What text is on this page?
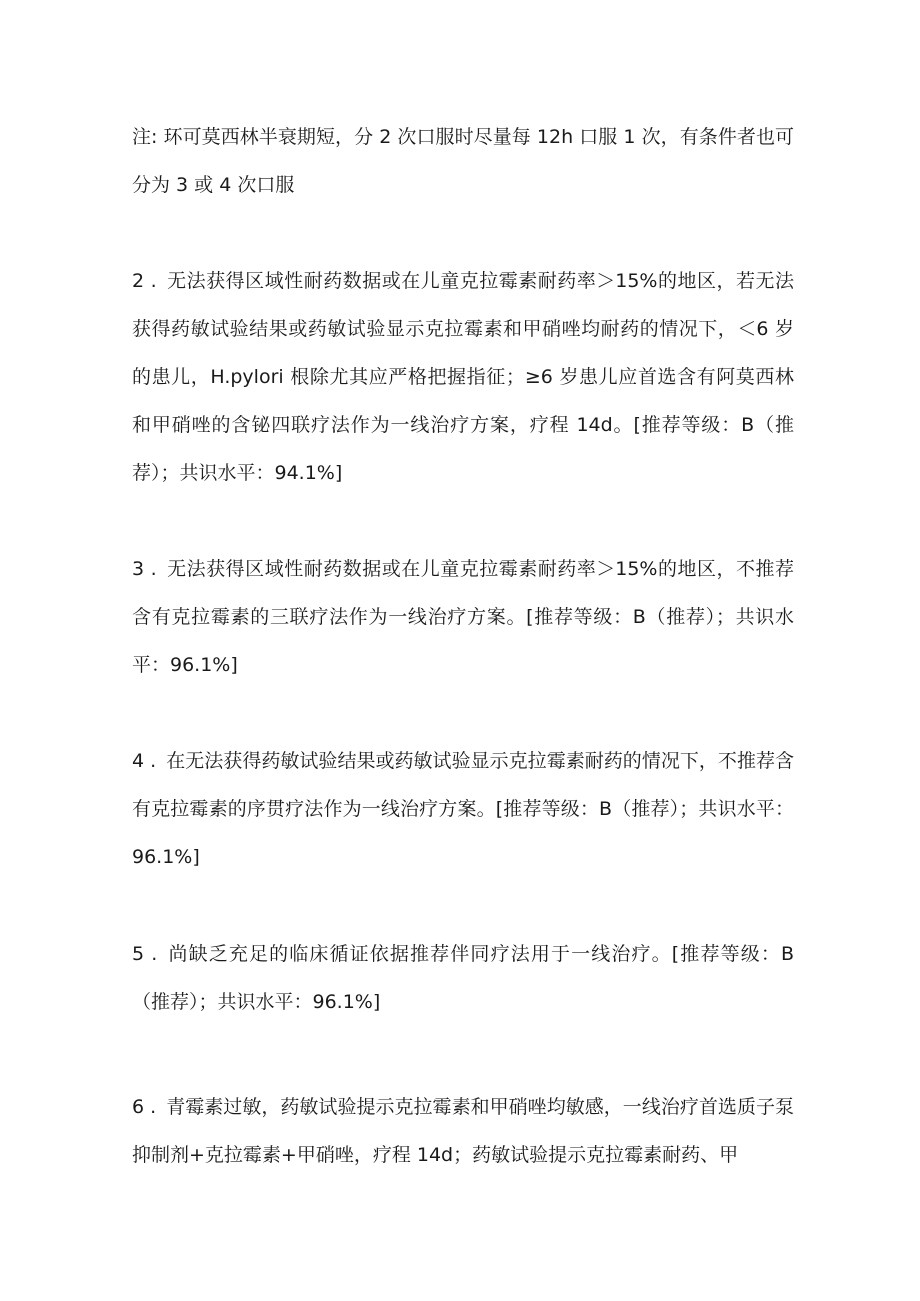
注: 环可莫西林半衰期短，分 2 次口服时尽量每 12h 口服 1 次，有条件者也可分为 3 或 4 次口服

2 . 无法获得区域性耐药数据或在儿童克拉霉素耐药率＞15%的地区，若无法获得药敏试验结果或药敏试验显示克拉霉素和甲硝唑均耐药的情况下，＜6 岁的患儿，H.pylori 根除尤其应严格把握指征；≥6 岁患儿应首选含有阿莫西林和甲硝唑的含铋四联疗法作为一线治疗方案，疗程 14d。[推荐等级：B（推荐）；共识水平：94.1%]

3 . 无法获得区域性耐药数据或在儿童克拉霉素耐药率＞15%的地区，不推荐含有克拉霉素的三联疗法作为一线治疗方案。[推荐等级：B（推荐）；共识水平：96.1%]

4 . 在无法获得药敏试验结果或药敏试验显示克拉霉素耐药的情况下，不推荐含有克拉霉素的序贯疗法作为一线治疗方案。[推荐等级：B（推荐）；共识水平：96.1%]

5 . 尚缺乏充足的临床循证依据推荐伴同疗法用于一线治疗。[推荐等级：B（推荐）；共识水平：96.1%]

6 . 青霉素过敏，药敏试验提示克拉霉素和甲硝唑均敏感，一线治疗首选质子泵抑制剂+克拉霉素+甲硝唑，疗程 14d；药敏试验提示克拉霉素耐药、甲
